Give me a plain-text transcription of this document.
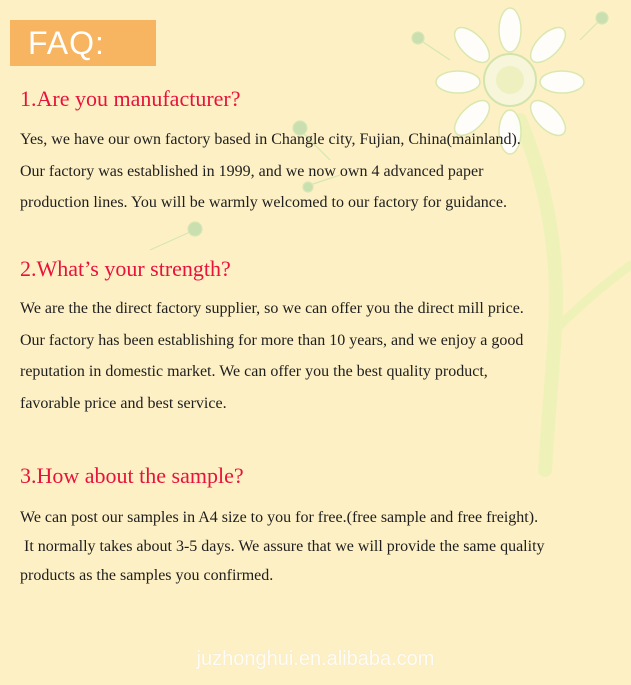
FAQ:
1.Are you manufacturer?
Yes, we have our own factory based in Changle city, Fujian, China(mainland).
Our factory was established in 1999, and we now own 4 advanced paper
production lines. You will be warmly welcomed to our factory for guidance.
2.What’s your strength?
We are the the direct factory supplier, so we can offer you the direct mill price.
Our factory has been establishing for more than 10 years, and we enjoy a good
reputation in domestic market. We can offer you the best quality product,
favorable price and best service.
3.How about the sample?
We can post our samples in A4 size to you for free.(free sample and free freight).
It normally takes about 3-5 days. We assure that we will provide the same quality
products as the samples you confirmed.
juzhonghui.en.alibaba.com
